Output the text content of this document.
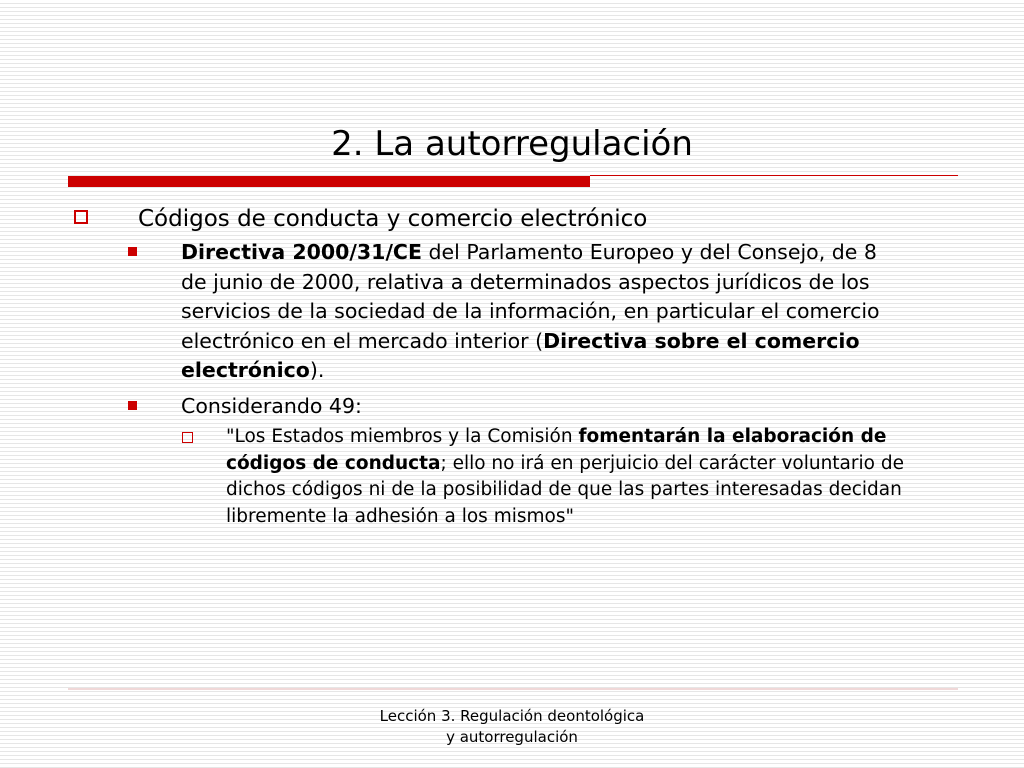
2. La autorregulación
Códigos de conducta y comercio electrónico
Directiva 2000/31/CE del Parlamento Europeo y del Consejo, de 8 de junio de 2000, relativa a determinados aspectos jurídicos de los servicios de la sociedad de la información, en particular el comercio electrónico en el mercado interior (Directiva sobre el comercio electrónico).
Considerando 49:
"Los Estados miembros y la Comisión fomentarán la elaboración de códigos de conducta; ello no irá en perjuicio del carácter voluntario de dichos códigos ni de la posibilidad de que las partes interesadas decidan libremente la adhesión a los mismos"
Lección 3. Regulación deontológica
y autorregulación
